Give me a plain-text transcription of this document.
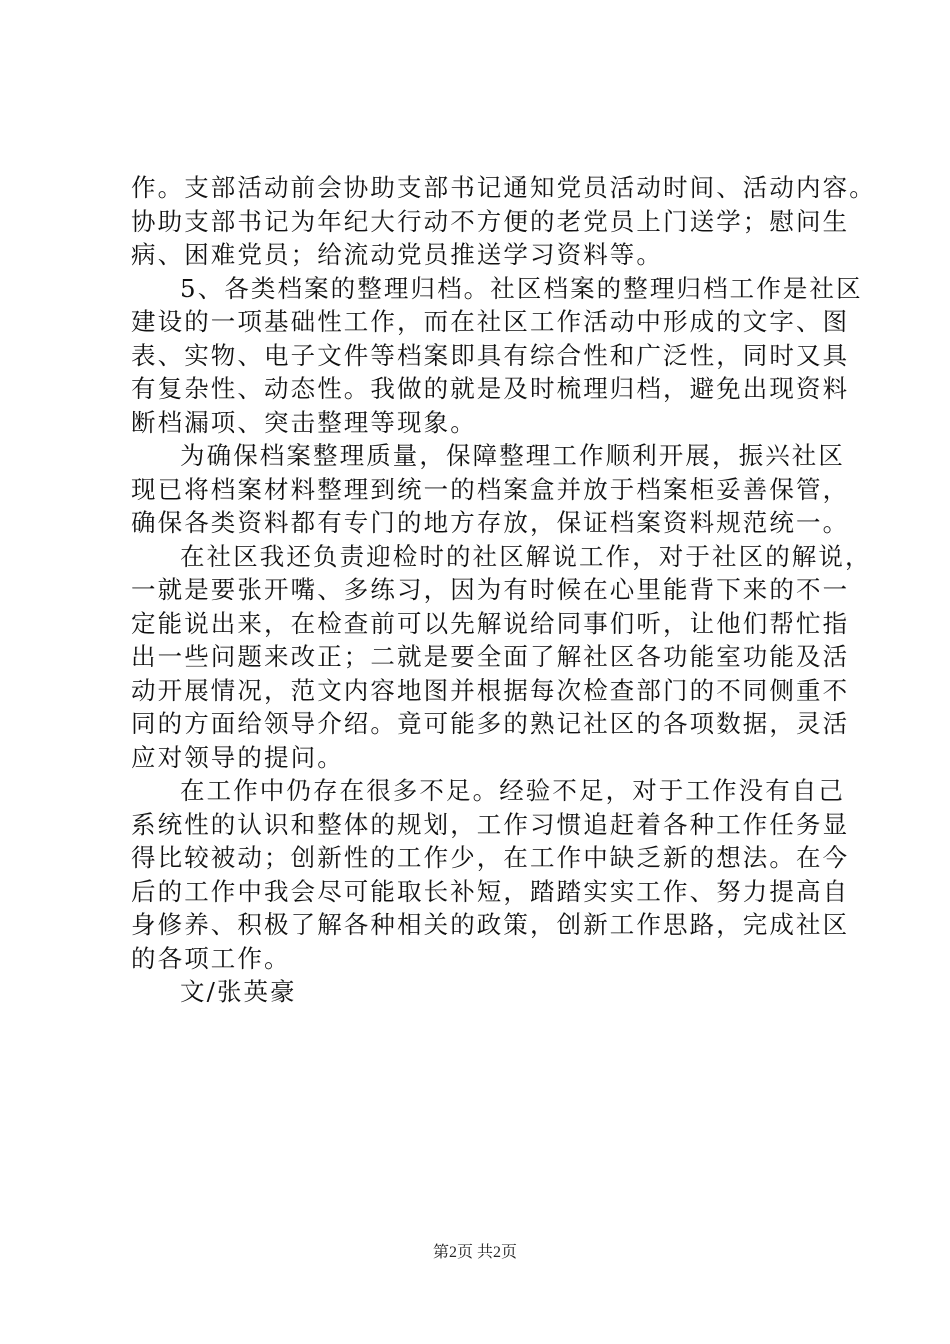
作。支部活动前会协助支部书记通知党员活动时间、活动内容。
协助支部书记为年纪大行动不方便的老党员上门送学；慰问生
病、困难党员；给流动党员推送学习资料等。
5、各类档案的整理归档。社区档案的整理归档工作是社区
建设的一项基础性工作，而在社区工作活动中形成的文字、图
表、实物、电子文件等档案即具有综合性和广泛性，同时又具
有复杂性、动态性。我做的就是及时梳理归档，避免出现资料
断档漏项、突击整理等现象。
为确保档案整理质量，保障整理工作顺利开展，振兴社区
现已将档案材料整理到统一的档案盒并放于档案柜妥善保管，
确保各类资料都有专门的地方存放，保证档案资料规范统一。
在社区我还负责迎检时的社区解说工作，对于社区的解说，
一就是要张开嘴、多练习，因为有时候在心里能背下来的不一
定能说出来，在检查前可以先解说给同事们听，让他们帮忙指
出一些问题来改正；二就是要全面了解社区各功能室功能及活
动开展情况，范文内容地图并根据每次检查部门的不同侧重不
同的方面给领导介绍。竟可能多的熟记社区的各项数据，灵活
应对领导的提问。
在工作中仍存在很多不足。经验不足，对于工作没有自己
系统性的认识和整体的规划，工作习惯追赶着各种工作任务显
得比较被动；创新性的工作少，在工作中缺乏新的想法。在今
后的工作中我会尽可能取长补短，踏踏实实工作、努力提高自
身修养、积极了解各种相关的政策，创新工作思路，完成社区
的各项工作。
文/张英豪
第2页 共2页
